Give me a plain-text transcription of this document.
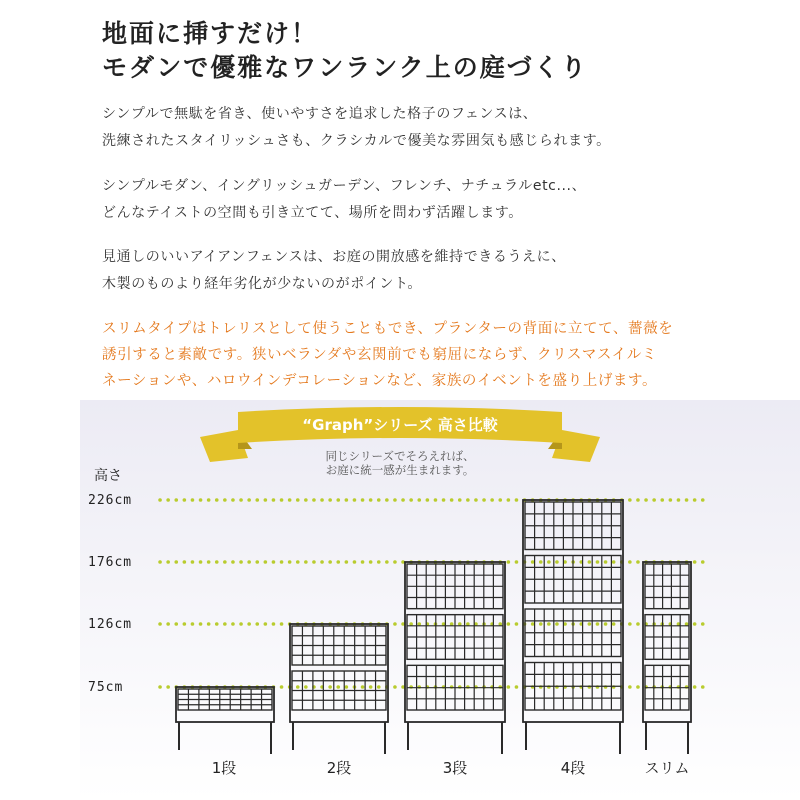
地面に挿すだけ！
モダンで優雅なワンランク上の庭づくり

シンプルで無駄を省き、使いやすさを追求した格子のフェンスは、
洗練されたスタイリッシュさも、クラシカルで優美な雰囲気も感じられます。

シンプルモダン、イングリッシュガーデン、フレンチ、ナチュラルetc...、
どんなテイストの空間も引き立てて、場所を問わず活躍します。

見通しのいいアイアンフェンスは、お庭の開放感を維持できるうえに、
木製のものより経年劣化が少ないのがポイント。

スリムタイプはトレリスとして使うこともでき、プランターの背面に立てて、薔薇を
誘引すると素敵です。狭いベランダや玄関前でも窮屈にならず、クリスマスイルミ
ネーションや、ハロウインデコレーションなど、家族のイベントを盛り上げます。

“Graph”シリーズ 高さ比較
同じシリーズでそろえれば、
お庭に統一感が生まれます。
高さ
226cm
176cm
126cm
75cm
1段	2段	3段	4段	スリム
